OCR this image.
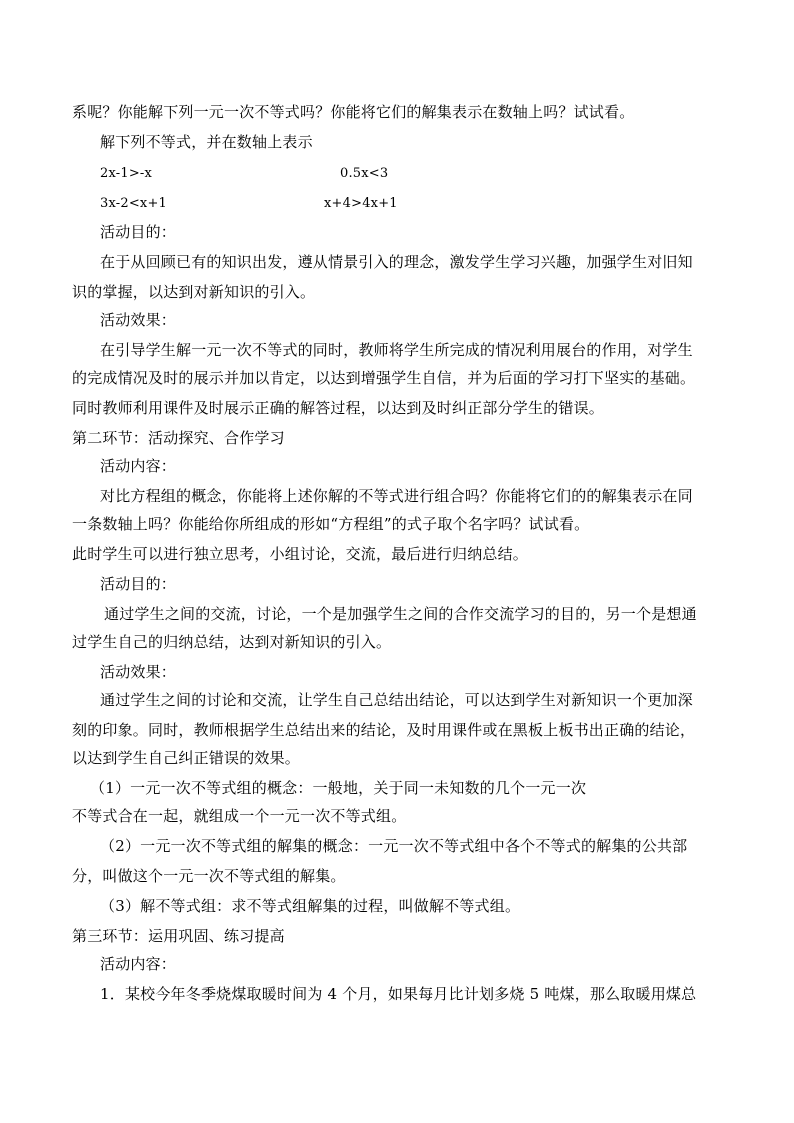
系呢？你能解下列一元一次不等式吗？你能将它们的解集表示在数轴上吗？试试看。
解下列不等式，并在数轴上表示
2x-1>-x	0.5x<3
3x-2<x+1	x+4>4x+1
活动目的：
在于从回顾已有的知识出发，遵从情景引入的理念，激发学生学习兴趣，加强学生对旧知
识的掌握，以达到对新知识的引入。
活动效果：
在引导学生解一元一次不等式的同时，教师将学生所完成的情况利用展台的作用，对学生
的完成情况及时的展示并加以肯定，以达到增强学生自信，并为后面的学习打下坚实的基础。
同时教师利用课件及时展示正确的解答过程，以达到及时纠正部分学生的错误。
第二环节：活动探究、合作学习
活动内容：
对比方程组的概念，你能将上述你解的不等式进行组合吗？你能将它们的的解集表示在同
一条数轴上吗？你能给你所组成的形如“方程组”的式子取个名字吗？试试看。
此时学生可以进行独立思考，小组讨论，交流，最后进行归纳总结。
活动目的：
通过学生之间的交流，讨论，一个是加强学生之间的合作交流学习的目的，另一个是想通
过学生自己的归纳总结，达到对新知识的引入。
活动效果：
通过学生之间的讨论和交流，让学生自己总结出结论，可以达到学生对新知识一个更加深
刻的印象。同时，教师根据学生总结出来的结论，及时用课件或在黑板上板书出正确的结论，
以达到学生自己纠正错误的效果。
（1）一元一次不等式组的概念：一般地，关于同一未知数的几个一元一次
不等式合在一起，就组成一个一元一次不等式组。
（2）一元一次不等式组的解集的概念：一元一次不等式组中各个不等式的解集的公共部
分，叫做这个一元一次不等式组的解集。
（3）解不等式组：求不等式组解集的过程，叫做解不等式组。
第三环节：运用巩固、练习提高
活动内容：
1．某校今年冬季烧煤取暖时间为 4 个月，如果每月比计划多烧 5 吨煤，那么取暖用煤总
